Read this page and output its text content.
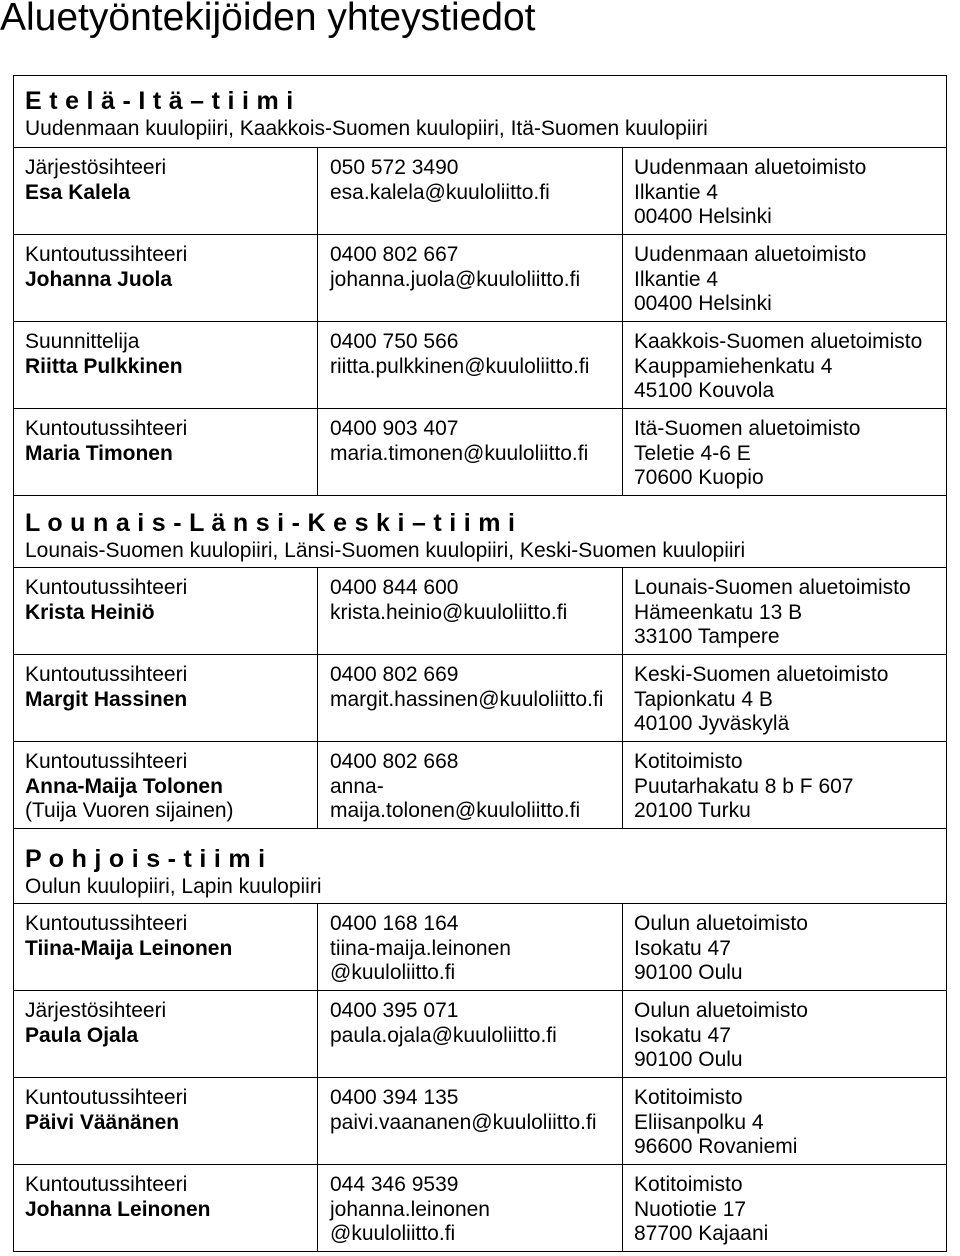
Aluetyöntekijöiden yhteystiedot
E t e l ä - I t ä – t i i m i
Uudenmaan kuulopiiri, Kaakkois-Suomen kuulopiiri, Itä-Suomen kuulopiiri
Järjestösihteeri
Esa Kalela
050 572 3490
esa.kalela@kuuloliitto.fi
Uudenmaan aluetoimisto
Ilkantie 4
00400 Helsinki
Kuntoutussihteeri
Johanna Juola
0400 802 667
johanna.juola@kuuloliitto.fi
Uudenmaan aluetoimisto
Ilkantie 4
00400 Helsinki
Suunnittelija
Riitta Pulkkinen
0400 750 566
riitta.pulkkinen@kuuloliitto.fi
Kaakkois-Suomen aluetoimisto
Kauppamiehenkatu 4
45100 Kouvola
Kuntoutussihteeri
Maria Timonen
0400 903 407
maria.timonen@kuuloliitto.fi
Itä-Suomen aluetoimisto
Teletie 4-6 E
70600 Kuopio
L o u n a i s - L ä n s i - K e s k i – t i i m i
Lounais-Suomen kuulopiiri, Länsi-Suomen kuulopiiri, Keski-Suomen kuulopiiri
Kuntoutussihteeri
Krista Heiniö
0400 844 600
krista.heinio@kuuloliitto.fi
Lounais-Suomen aluetoimisto
Hämeenkatu 13 B
33100 Tampere
Kuntoutussihteeri
Margit Hassinen
0400 802 669
margit.hassinen@kuuloliitto.fi
Keski-Suomen aluetoimisto
Tapionkatu 4 B
40100 Jyväskylä
Kuntoutussihteeri
Anna-Maija Tolonen
(Tuija Vuoren sijainen)
0400 802 668
anna-
maija.tolonen@kuuloliitto.fi
Kotitoimisto
Puutarhakatu 8 b F 607
20100 Turku
P o h j o i s - t i i m i
Oulun kuulopiiri, Lapin kuulopiiri
Kuntoutussihteeri
Tiina-Maija Leinonen
0400 168 164
tiina-maija.leinonen
@kuuloliitto.fi
Oulun aluetoimisto
Isokatu 47
90100 Oulu
Järjestösihteeri
Paula Ojala
0400 395 071
paula.ojala@kuuloliitto.fi
Oulun aluetoimisto
Isokatu 47
90100 Oulu
Kuntoutussihteeri
Päivi Väänänen
0400 394 135
paivi.vaananen@kuuloliitto.fi
Kotitoimisto
Eliisanpolku 4
96600 Rovaniemi
Kuntoutussihteeri
Johanna Leinonen
044 346 9539
johanna.leinonen
@kuuloliitto.fi
Kotitoimisto
Nuotiotie 17
87700 Kajaani
